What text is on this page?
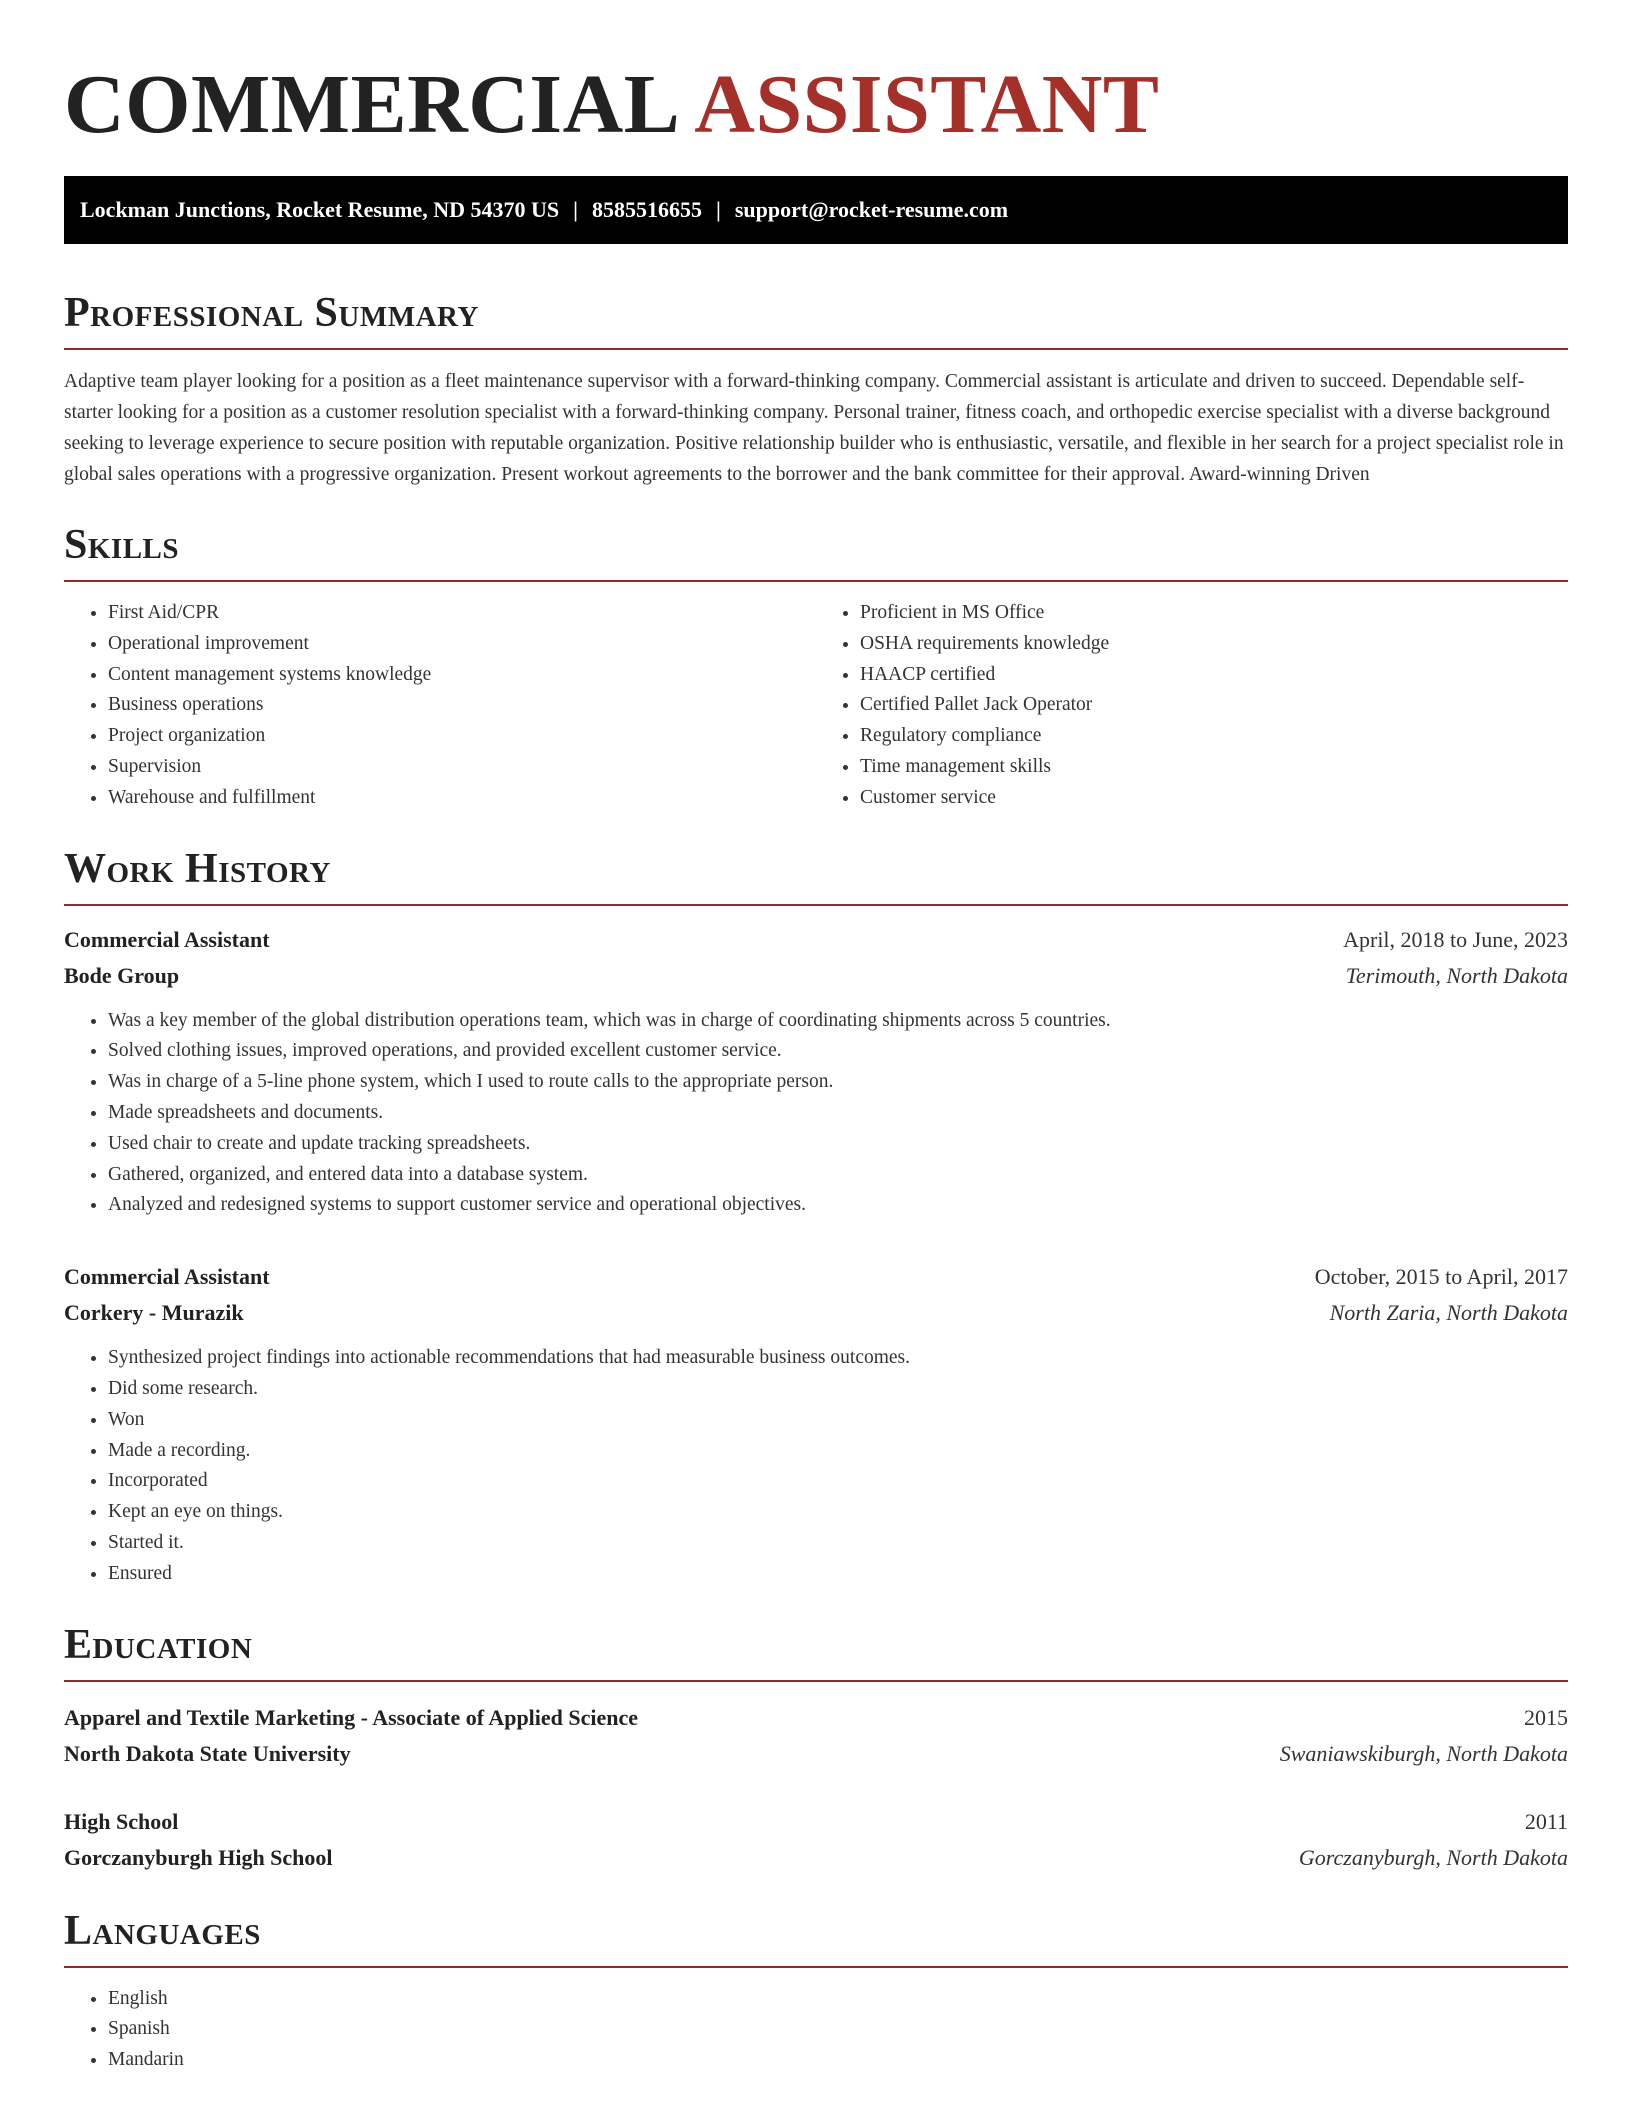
COMMERCIAL ASSISTANT
Lockman Junctions, Rocket Resume, ND 54370 US | 8585516655 | support@rocket-resume.com
Professional Summary

Adaptive team player looking for a position as a fleet maintenance supervisor with a forward-thinking company. Commercial assistant is articulate and driven to succeed. Dependable self-starter looking for a position as a customer resolution specialist with a forward-thinking company. Personal trainer, fitness coach, and orthopedic exercise specialist with a diverse background seeking to leverage experience to secure position with reputable organization. Positive relationship builder who is enthusiastic, versatile, and flexible in her search for a project specialist role in global sales operations with a progressive organization. Present workout agreements to the borrower and the bank committee for their approval. Award-winning Driven

Skills
• First Aid/CPR
• Operational improvement
• Content management systems knowledge
• Business operations
• Project organization
• Supervision
• Warehouse and fulfillment
• Proficient in MS Office
• OSHA requirements knowledge
• HAACP certified
• Certified Pallet Jack Operator
• Regulatory compliance
• Time management skills
• Customer service
Work History
Commercial Assistant	April, 2018 to June, 2023
Bode Group	Terimouth, North Dakota
• Was a key member of the global distribution operations team, which was in charge of coordinating shipments across 5 countries.
• Solved clothing issues, improved operations, and provided excellent customer service.
• Was in charge of a 5-line phone system, which I used to route calls to the appropriate person.
• Made spreadsheets and documents.
• Used chair to create and update tracking spreadsheets.
• Gathered, organized, and entered data into a database system.
• Analyzed and redesigned systems to support customer service and operational objectives.
Commercial Assistant	October, 2015 to April, 2017
Corkery - Murazik	North Zaria, North Dakota
• Synthesized project findings into actionable recommendations that had measurable business outcomes.
• Did some research.
• Won
• Made a recording.
• Incorporated
• Kept an eye on things.
• Started it.
• Ensured
Education
Apparel and Textile Marketing - Associate of Applied Science	2015
North Dakota State University	Swaniawskiburgh, North Dakota
High School	2011
Gorczanyburgh High School	Gorczanyburgh, North Dakota
Languages
• English
• Spanish
• Mandarin
